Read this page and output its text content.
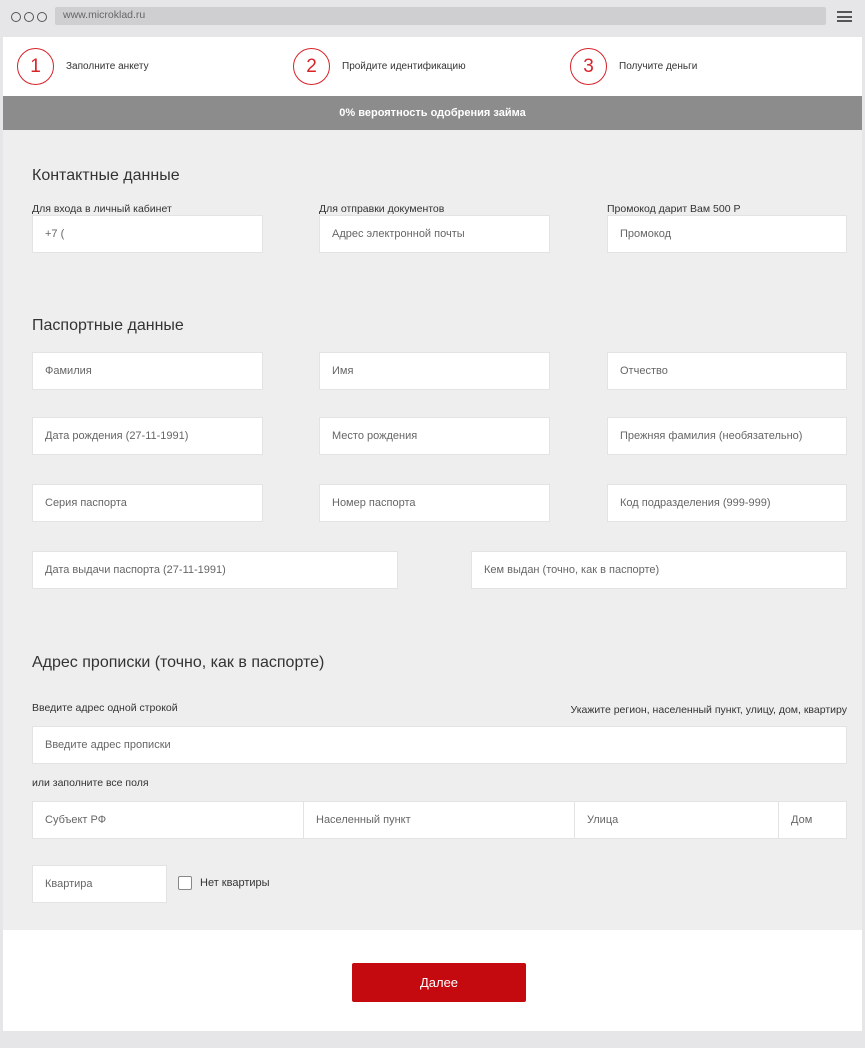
www.microklad.ru
1	Заполните анкету	2	Пройдите идентификацию	3	Получите деньги
0% вероятность одобрения займа
Контактные данные
Для входа в личный кабинет	Для отправки документов	Промокод дарит Вам 500 Р
+7 (	Адрес электронной почты	Промокод
Паспортные данные
Фамилия	Имя	Отчество
Дата рождения (27-11-1991)	Место рождения	Прежняя фамилия (необязательно)
Серия паспорта	Номер паспорта	Код подразделения (999-999)
Дата выдачи паспорта (27-11-1991)	Кем выдан (точно, как в паспорте)
Адрес прописки (точно, как в паспорте)
Введите адрес одной строкой	Укажите регион, населенный пункт, улицу, дом, квартиру
Введите адрес прописки
или заполните все поля
Субъект РФ	Населенный пункт	Улица	Дом
Квартира	Нет квартиры
Далее
